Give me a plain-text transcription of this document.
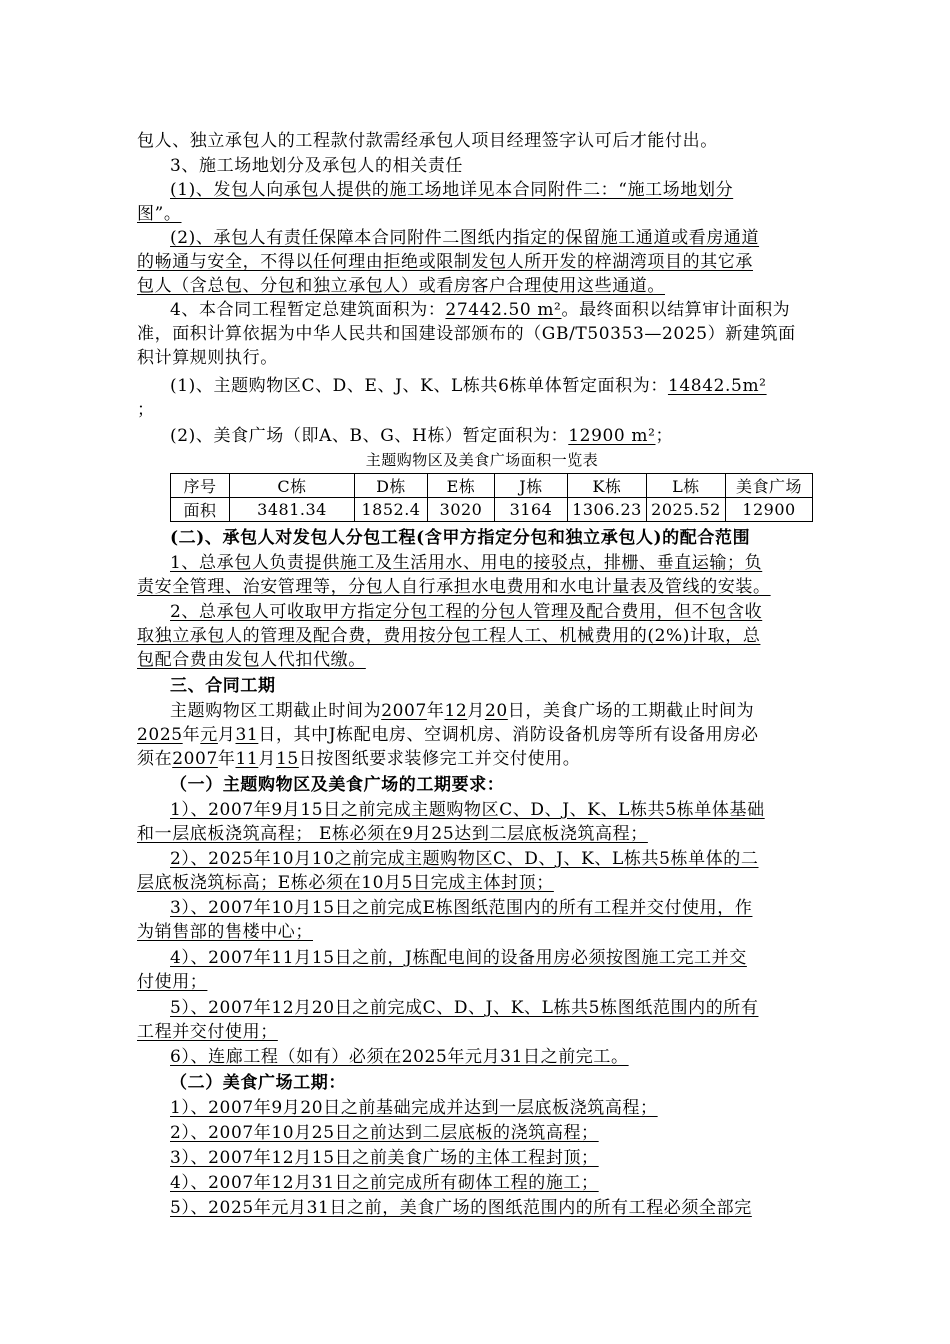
包人、独立承包人的工程款付款需经承包人项目经理签字认可后才能付出。
3、施工场地划分及承包人的相关责任
(1)、发包人向承包人提供的施工场地详见本合同附件二：“施工场地划分
图”。
(2)、承包人有责任保障本合同附件二图纸内指定的保留施工通道或看房通道
的畅通与安全，不得以任何理由拒绝或限制发包人所开发的梓湖湾项目的其它承
包人（含总包、分包和独立承包人）或看房客户合理使用这些通道。
4、本合同工程暂定总建筑面积为：27442.50 m²。最终面积以结算审计面积为
准，面积计算依据为中华人民共和国建设部颁布的（GB/T50353—2025）新建筑面
积计算规则执行。
(1)、主题购物区C、D、E、J、K、L栋共6栋单体暂定面积为：14842.5m²
；
(2)、美食广场（即A、B、G、H栋）暂定面积为：12900 m²；
主题购物区及美食广场面积一览表
序号	C栋	D栋	E栋	J栋	K栋	L栋	美食广场
面积	3481.34	1852.4	3020	3164	1306.23	2025.52	12900
(二)、承包人对发包人分包工程(含甲方指定分包和独立承包人)的配合范围
1、总承包人负责提供施工及生活用水、用电的接驳点，排栅、垂直运输；负
责安全管理、治安管理等，分包人自行承担水电费用和水电计量表及管线的安装。
2、总承包人可收取甲方指定分包工程的分包人管理及配合费用，但不包含收
取独立承包人的管理及配合费，费用按分包工程人工、机械费用的(2%)计取，总
包配合费由发包人代扣代缴。
三、合同工期
主题购物区工期截止时间为2007年12月20日，美食广场的工期截止时间为
2025年元月31日，其中J栋配电房、空调机房、消防设备机房等所有设备用房必
须在2007年11月15日按图纸要求装修完工并交付使用。
（一）主题购物区及美食广场的工期要求：
1）、2007年9月15日之前完成主题购物区C、D、J、K、L栋共5栋单体基础
和一层底板浇筑高程； E栋必须在9月25达到二层底板浇筑高程；
2）、2025年10月10之前完成主题购物区C、D、J、K、L栋共5栋单体的二
层底板浇筑标高；E栋必须在10月5日完成主体封顶；
3）、2007年10月15日之前完成E栋图纸范围内的所有工程并交付使用，作
为销售部的售楼中心；
4）、2007年11月15日之前，J栋配电间的设备用房必须按图施工完工并交
付使用；
5）、2007年12月20日之前完成C、D、J、K、L栋共5栋图纸范围内的所有
工程并交付使用；
6）、连廊工程（如有）必须在2025年元月31日之前完工。
（二）美食广场工期：
1）、2007年9月20日之前基础完成并达到一层底板浇筑高程；
2）、2007年10月25日之前达到二层底板的浇筑高程；
3）、2007年12月15日之前美食广场的主体工程封顶；
4）、2007年12月31日之前完成所有砌体工程的施工；
5）、2025年元月31日之前，美食广场的图纸范围内的所有工程必须全部完
